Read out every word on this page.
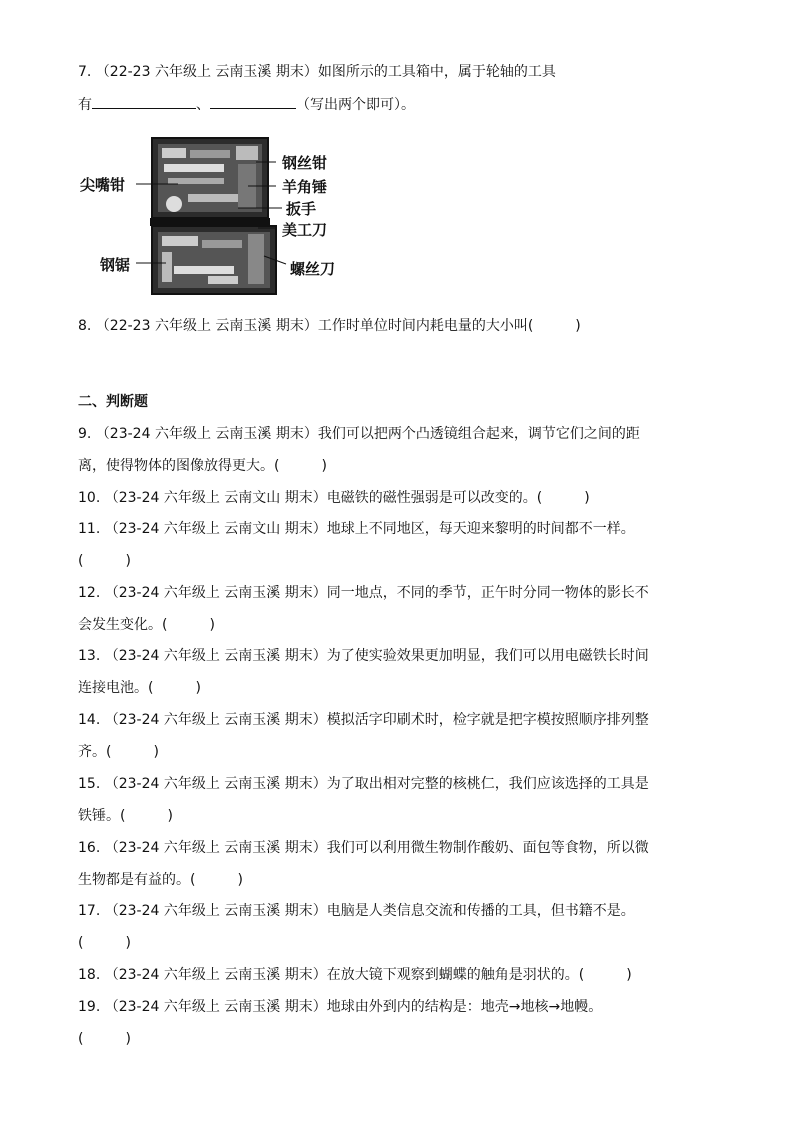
7. （22-23 六年级上 云南玉溪 期末）如图所示的工具箱中，属于轮轴的工具
有	、	（写出两个即可）。
尖嘴钳
钢锯
钢丝钳
羊角锤
扳手
美工刀
螺丝刀
8. （22-23 六年级上 云南玉溪 期末）工作时单位时间内耗电量的大小叫(　　　)
二、判断题
9. （23-24 六年级上 云南玉溪 期末）我们可以把两个凸透镜组合起来，调节它们之间的距
离，使得物体的图像放得更大。(　　　)
10. （23-24 六年级上 云南文山 期末）电磁铁的磁性强弱是可以改变的。(　　　)
11. （23-24 六年级上 云南文山 期末）地球上不同地区，每天迎来黎明的时间都不一样。
(　　　)
12. （23-24 六年级上 云南玉溪 期末）同一地点，不同的季节，正午时分同一物体的影长不
会发生变化。(　　　)
13. （23-24 六年级上 云南玉溪 期末）为了使实验效果更加明显，我们可以用电磁铁长时间
连接电池。(　　　)
14. （23-24 六年级上 云南玉溪 期末）模拟活字印刷术时，检字就是把字模按照顺序排列整
齐。(　　　)
15. （23-24 六年级上 云南玉溪 期末）为了取出相对完整的核桃仁，我们应该选择的工具是
铁锤。(　　　)
16. （23-24 六年级上 云南玉溪 期末）我们可以利用微生物制作酸奶、面包等食物，所以微
生物都是有益的。(　　　)
17. （23-24 六年级上 云南玉溪 期末）电脑是人类信息交流和传播的工具，但书籍不是。
(　　　)
18. （23-24 六年级上 云南玉溪 期末）在放大镜下观察到蝴蝶的触角是羽状的。(　　　)
19. （23-24 六年级上 云南玉溪 期末）地球由外到内的结构是：地壳→地核→地幔。
(　　　)
